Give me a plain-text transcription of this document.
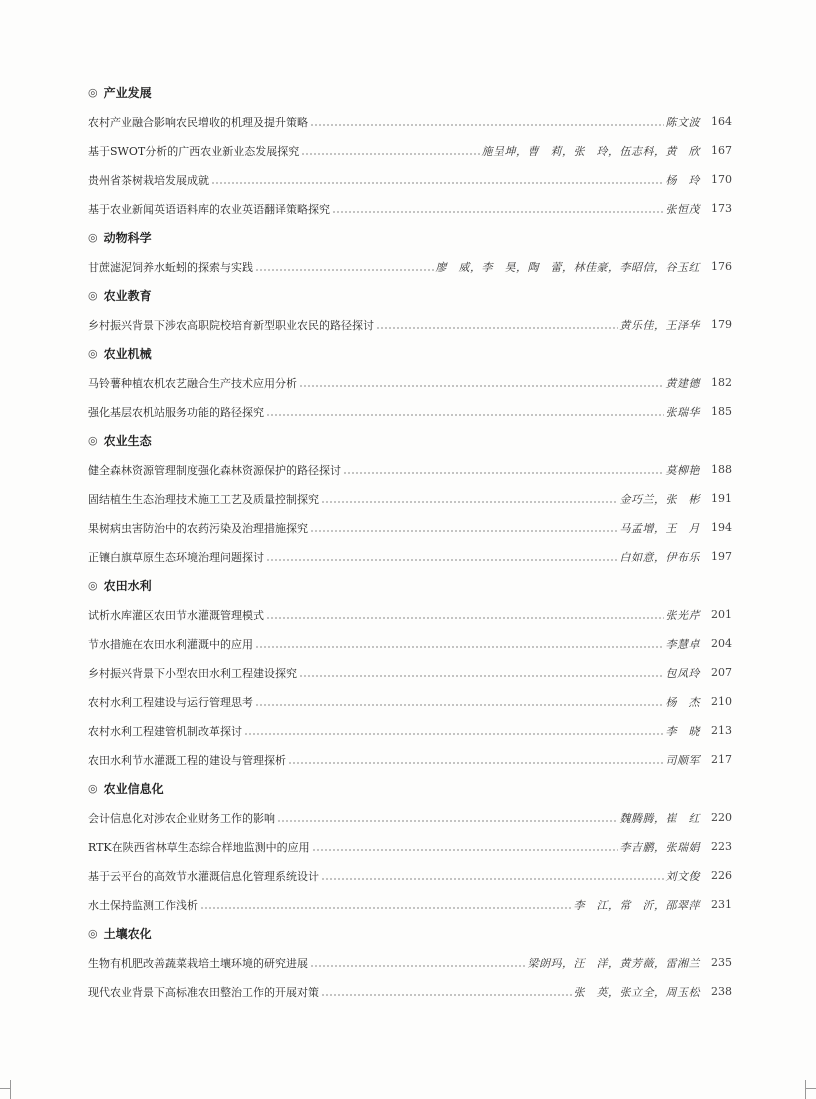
◎ 产业发展
农村产业融合影响农民增收的机理及提升策略	陈文波	164
基于SWOT分析的广西农业新业态发展探究	施呈坤，曹　莉，张　玲，伍志科，黄　欣	167
贵州省茶树栽培发展成就	杨　玲	170
基于农业新闻英语语料库的农业英语翻译策略探究	张恒茂	173
◎ 动物科学
甘蔗滤泥饲养水蚯蚓的探索与实践	廖　威，李　昊，陶　蕾，林佳豪，李昭信，谷玉红	176
◎ 农业教育
乡村振兴背景下涉农高职院校培育新型职业农民的路径探讨	黄乐佳，王泽华	179
◎ 农业机械
马铃薯种植农机农艺融合生产技术应用分析	黄建德	182
强化基层农机站服务功能的路径探究	张瑞华	185
◎ 农业生态
健全森林资源管理制度强化森林资源保护的路径探讨	莫柳艳	188
固结植生生态治理技术施工工艺及质量控制探究	金巧兰，张　彬	191
果树病虫害防治中的农药污染及治理措施探究	马孟增，王　月	194
正镶白旗草原生态环境治理问题探讨	白如意，伊布乐	197
◎ 农田水利
试析水库灌区农田节水灌溉管理模式	张光芹	201
节水措施在农田水利灌溉中的应用	李慧卓	204
乡村振兴背景下小型农田水利工程建设探究	包凤玲	207
农村水利工程建设与运行管理思考	杨　杰	210
农村水利工程建管机制改革探讨	李　晓	213
农田水利节水灌溉工程的建设与管理探析	司顺军	217
◎ 农业信息化
会计信息化对涉农企业财务工作的影响	魏腾腾，崔　红	220
RTK在陕西省林草生态综合样地监测中的应用	李吉鹏，张瑞娟	223
基于云平台的高效节水灌溉信息化管理系统设计	刘文俊	226
水土保持监测工作浅析	李　江，常　沂，邵翠萍	231
◎ 土壤农化
生物有机肥改善蔬菜栽培土壤环境的研究进展	梁朗玛，汪　洋，黄芳薇，雷湘兰	235
现代农业背景下高标准农田整治工作的开展对策	张　英，张立全，周玉松	238
